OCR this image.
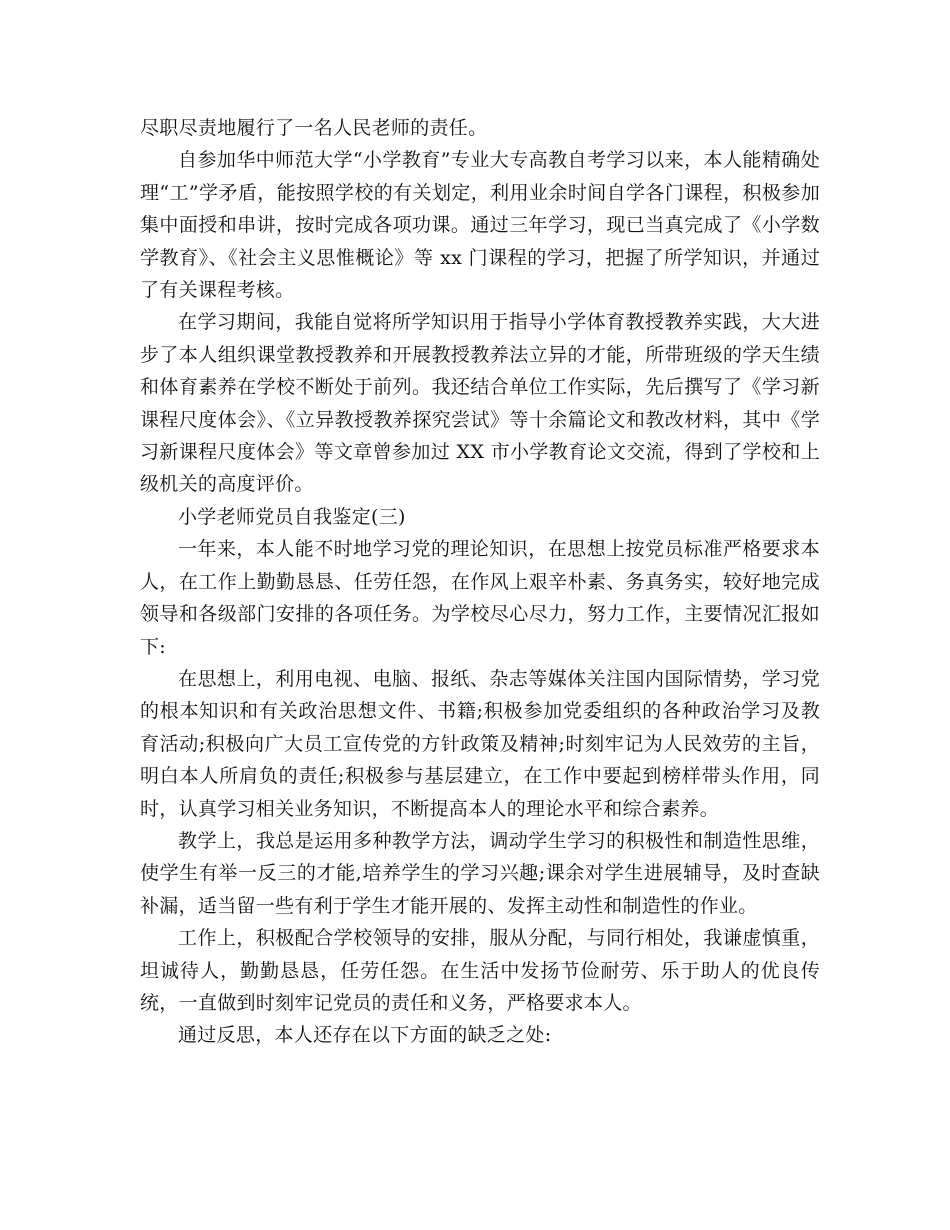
尽职尽责地履行了一名人民老师的责任。

自参加华中师范大学“小学教育”专业大专高教自考学习以来，本人能精确处理“工”学矛盾，能按照学校的有关划定，利用业余时间自学各门课程，积极参加集中面授和串讲，按时完成各项功课。通过三年学习，现已当真完成了《小学数学教育》、《社会主义思惟概论》等 xx 门课程的学习，把握了所学知识，并通过了有关课程考核。

在学习期间，我能自觉将所学知识用于指导小学体育教授教养实践，大大进步了本人组织课堂教授教养和开展教授教养法立异的才能，所带班级的学天生绩和体育素养在学校不断处于前列。我还结合单位工作实际，先后撰写了《学习新课程尺度体会》、《立异教授教养探究尝试》等十余篇论文和教改材料，其中《学习新课程尺度体会》等文章曾参加过 XX 市小学教育论文交流，得到了学校和上级机关的高度评价。

小学老师党员自我鉴定(三)

一年来，本人能不时地学习党的理论知识，在思想上按党员标准严格要求本人，在工作上勤勤恳恳、任劳任怨，在作风上艰辛朴素、务真务实，较好地完成领导和各级部门安排的各项任务。为学校尽心尽力，努力工作，主要情况汇报如下:

在思想上，利用电视、电脑、报纸、杂志等媒体关注国内国际情势，学习党的根本知识和有关政治思想文件、书籍;积极参加党委组织的各种政治学习及教育活动;积极向广大员工宣传党的方针政策及精神;时刻牢记为人民效劳的主旨，明白本人所肩负的责任;积极参与基层建立，在工作中要起到榜样带头作用，同时，认真学习相关业务知识，不断提高本人的理论水平和综合素养。

教学上，我总是运用多种教学方法，调动学生学习的积极性和制造性思维，使学生有举一反三的才能,培养学生的学习兴趣;课余对学生进展辅导，及时查缺补漏，适当留一些有利于学生才能开展的、发挥主动性和制造性的作业。

工作上，积极配合学校领导的安排，服从分配，与同行相处，我谦虚慎重，坦诚待人，勤勤恳恳，任劳任怨。在生活中发扬节俭耐劳、乐于助人的优良传统，一直做到时刻牢记党员的责任和义务，严格要求本人。

通过反思，本人还存在以下方面的缺乏之处:
